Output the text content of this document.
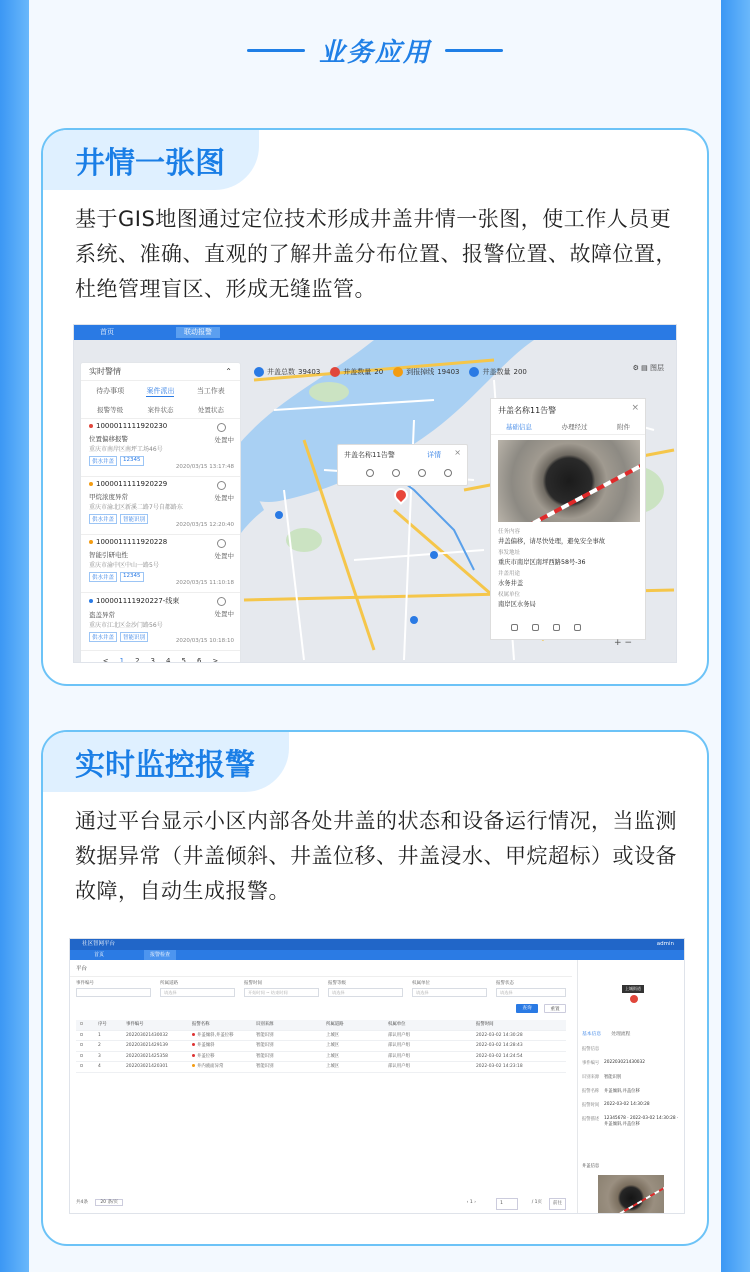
业务应用
井情一张图
基于GIS地图通过定位技术形成井盖井情一张图，使工作人员更系统、准确、直观的了解井盖分布位置、报警位置、故障位置，杜绝管理盲区、形成无缝监管。
首页	联动报警
井盖总数 39403	井盖数量 20	到报掉线 19403	井盖数量 200	⚙ ▤ 图层
实时警情	⌃
待办事项	案件派出	当工作表
报警等级	案件状态	处置状态
1000011111920230
位置偏移报警
重庆市南岸区南坪工场46号
供水井盖	12345
处置中
2020/03/15 13:17:48
1000011111920229
甲烷浓度异常
重庆市渝北区新溪二路7号自都路东
供水井盖	智能识别
处置中
2020/03/15 12:20:40
1000011111920228
智能引研电性
重庆市渝中区中山一路5号
供水井盖	12345
处置中
2020/03/15 11:10:18
100001111920227-线束
盗盖异常
重庆市江北区金沙门路56号
供水井盖	智能识别
处置中
2020/03/15 10:18:10
< 1 2 3 4 5 6 >
井盖名称11告警	详情 ×
井盖名称11告警	×
基础信息	办理经过	附件
任务内容
井盖偏移，请尽快处理，避免安全事故
事发地址
重庆市南岸区南坪西路58号-36
井盖用途
水务井盖
权属单位
南岸区水务局
+ −
实时监控报警
通过平台显示小区内部各处井盖的状态和设备运行情况，当监测数据异常（井盖倾斜、井盖位移、井盖浸水、甲烷超标）或设备故障，自动生成报警。
社区智网平台	admin
首页	报警检查
平台
事件编号	所属道路
请选择
报警时间
开始时间 ~ 结束时间
报警等级
请选择
权属单位
请选择
报警状态
请选择
查询	重置
序号	事件编号	报警名称	识别来源	所属道路	权属单位	报警时间
1	20220302143003​2	井盖倾斜,井盖位移	智能识别	上城区	部认用户组	2022-03-02 14:30:28
2	202203021429139	井盖倾斜	智能识别	上城区	部认用户组	2022-03-02 14:28:43
3	202203021425358	井盖位移	智能识别	上城区	部认用户组	2022-03-02 14:24:54
4	202203021420301	井内液面异常	智能识别	上城区	部认用户组	2022-03-02 14:23:18
共4条	20 条/页	‹ 1 ›	1	/ 1页	前往
上城街道
基本信息 处理流程
报警信息
事件编号 20220302143003​2
识别来源 智能识别
报警名称 井盖倾斜,井盖位移
报警时间 2022-03-02 14:30:28
报警描述 12345678 · 2022-03-02 14:30:28 · 井盖倾斜,井盖位移
井盖信息
